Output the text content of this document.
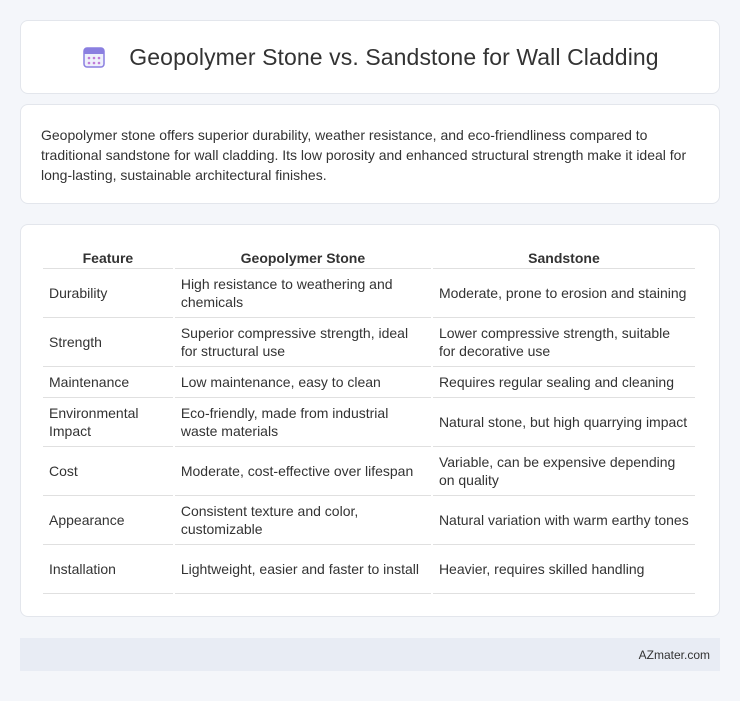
Geopolymer Stone vs. Sandstone for Wall Cladding

Geopolymer stone offers superior durability, weather resistance, and eco-friendliness compared to traditional sandstone for wall cladding. Its low porosity and enhanced structural strength make it ideal for long-lasting, sustainable architectural finishes.

Feature	Geopolymer Stone	Sandstone
Durability	High resistance to weathering and chemicals	Moderate, prone to erosion and staining
Strength	Superior compressive strength, ideal for structural use	Lower compressive strength, suitable for decorative use
Maintenance	Low maintenance, easy to clean	Requires regular sealing and cleaning
Environmental Impact	Eco-friendly, made from industrial waste materials	Natural stone, but high quarrying impact
Cost	Moderate, cost-effective over lifespan	Variable, can be expensive depending on quality
Appearance	Consistent texture and color, customizable	Natural variation with warm earthy tones
Installation	Lightweight, easier and faster to install	Heavier, requires skilled handling
AZmater.com
